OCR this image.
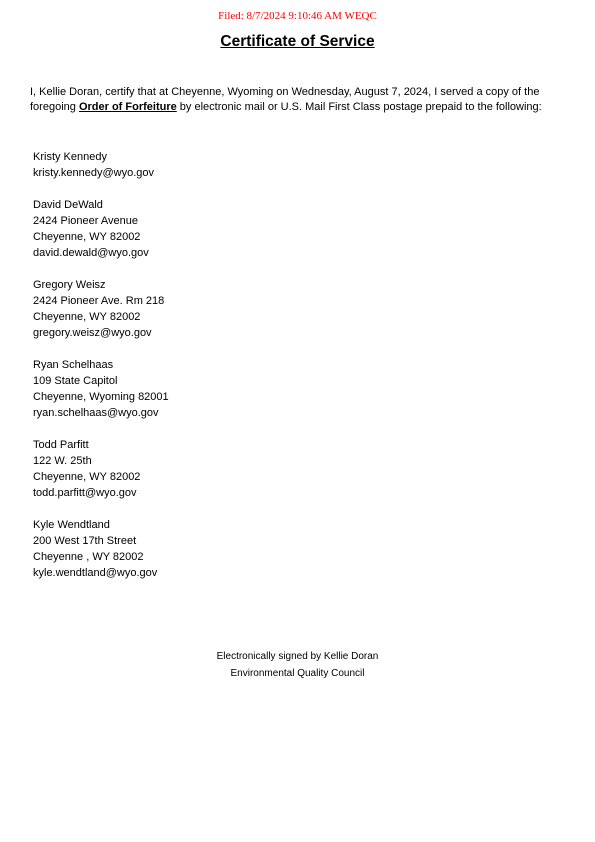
Filed: 8/7/2024 9:10:46 AM WEQC
Certificate of Service
I, Kellie Doran, certify that at Cheyenne, Wyoming on Wednesday, August 7, 2024, I served a copy of the foregoing Order of Forfeiture by electronic mail or U.S. Mail First Class postage prepaid to the following:
Kristy Kennedy
kristy.kennedy@wyo.gov
David DeWald
2424 Pioneer Avenue
Cheyenne, WY 82002
david.dewald@wyo.gov
Gregory Weisz
2424 Pioneer Ave. Rm 218
Cheyenne, WY 82002
gregory.weisz@wyo.gov
Ryan Schelhaas
109 State Capitol
Cheyenne, Wyoming 82001
ryan.schelhaas@wyo.gov
Todd Parfitt
122 W. 25th
Cheyenne, WY 82002
todd.parfitt@wyo.gov
Kyle Wendtland
200 West 17th Street
Cheyenne , WY 82002
kyle.wendtland@wyo.gov
Electronically signed by Kellie Doran
Environmental Quality Council
